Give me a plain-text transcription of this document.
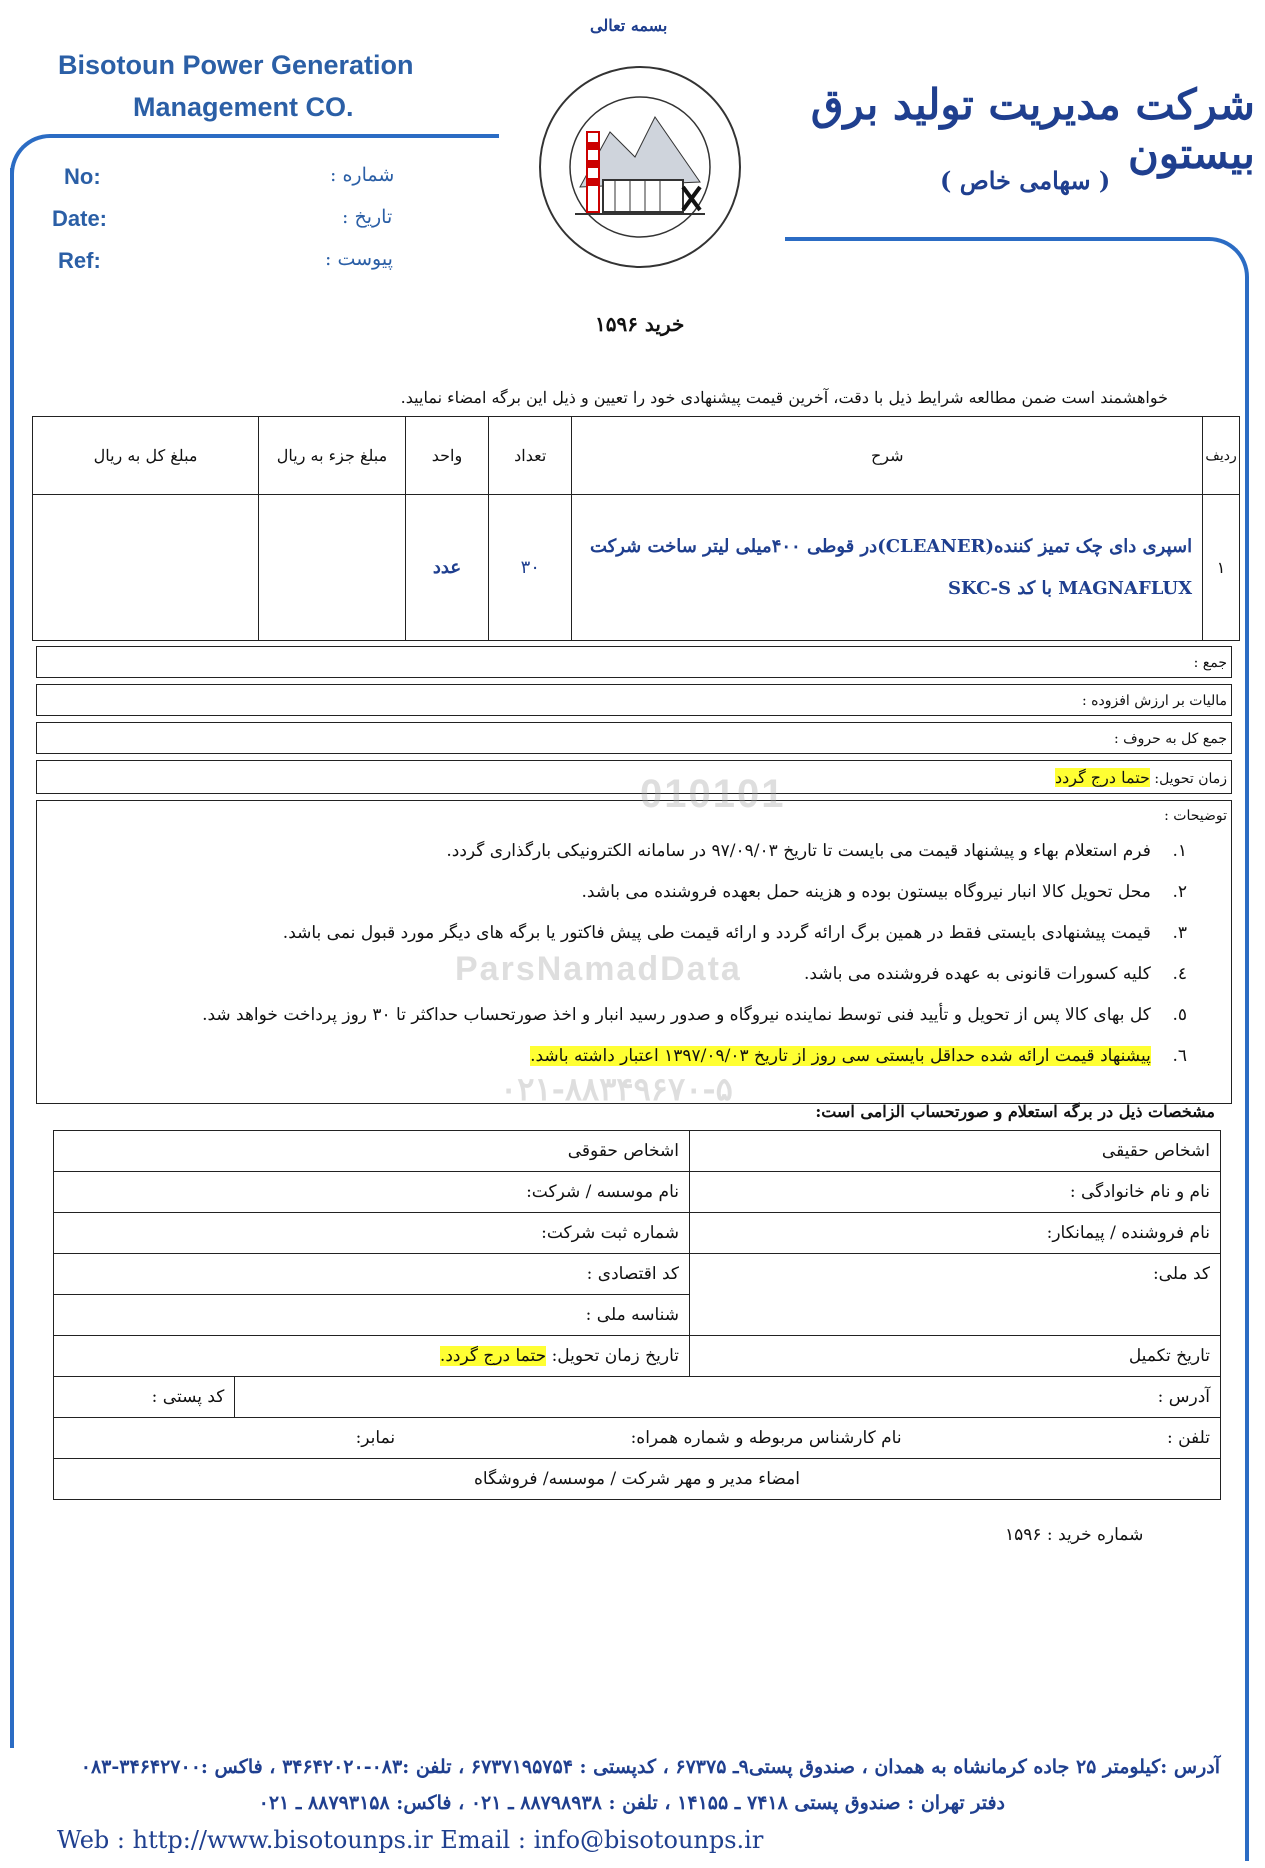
بسمه تعالی
Bisotoun Power Generation
Management CO.	شرکت مدیریت تولید برق بیستون
( سهامی خاص )
No:
Date:
Ref:
شماره :
تاریخ :
پیوست :
خرید ۱۵۹۶
خواهشمند است ضمن مطالعه شرایط ذیل با دقت، آخرین قیمت پیشنهادی خود را تعیین و ذیل این برگه امضاء نمایید.
ردیف	شرح	تعداد	واحد	مبلغ جزء به ریال	مبلغ کل به ریال
۱	اسپری دای چک تمیز کننده(CLEANER)در قوطی ۴۰۰میلی لیتر ساخت شرکت
MAGNAFLUX با کد SKC-S	۳۰	عدد		
جمع :
مالیات بر ارزش افزوده :
جمع کل به حروف :
زمان تحویل: حتما درج گردد
توضیحات :
۱.    فرم استعلام بهاء و پیشنهاد قیمت می بایست تا تاریخ ۹۷/۰۹/۰۳ در سامانه الکترونیکی بارگذاری گردد.
۲.    محل تحویل کالا انبار نیروگاه بیستون بوده و هزینه حمل بعهده فروشنده می باشد.
۳.    قیمت پیشنهادی بایستی فقط در همین برگ ارائه گردد و ارائه قیمت طی پیش فاکتور یا برگه های دیگر مورد قبول نمی باشد.
٤.    کلیه کسورات قانونی به عهده فروشنده می باشد.
٥.    کل بهای کالا پس از تحویل و تأیید فنی توسط نماینده نیروگاه و صدور رسید انبار و اخذ صورتحساب حداکثر تا ۳۰ روز پرداخت خواهد شد.
٦.    پیشنهاد قیمت ارائه شده حداقل بایستی سی روز از تاریخ ۱۳۹۷/۰۹/۰۳ اعتبار داشته باشد.
010101
ParsNamadData
۰۲۱-۸۸۳۴۹۶۷۰-۵
مشخصات ذیل در برگه استعلام و صورتحساب الزامی است:
اشخاص حقیقی	اشخاص حقوقی	
نام و نام خانوادگی :	نام موسسه / شرکت:	
نام فروشنده / پیمانکار:	شماره ثبت شرکت:	
کد ملی:	کد اقتصادی :	
	شناسه ملی :	
تاریخ تکمیل	تاریخ زمان تحویل: حتما درج گردد.	
آدرس :		کد پستی :
تلفن : نام کارشناس مربوطه و شماره همراه: نمابر:		
امضاء مدیر و مهر شرکت / موسسه/ فروشگاه		
شماره خرید : ۱۵۹۶
آدرس :کیلومتر ۲۵ جاده کرمانشاه به همدان ، صندوق پستی۹ـ ۶۷۳۷۵ ، کدپستی : ۶۷۳۷۱۹۵۷۵۴ ، تلفن :۰۸۳-۳۴۶۴۲۰۲۰ ، فاکس :۳۴۶۴۲۷۰۰-۰۸۳
دفتر تهران : صندوق پستی ۷۴۱۸ ـ ۱۴۱۵۵ ، تلفن : ۸۸۷۹۸۹۳۸ ـ ۰۲۱ ، فاکس: ۸۸۷۹۳۱۵۸ ـ ۰۲۱
Web : http://www.bisotounps.ir Email : info@bisotounps.ir
